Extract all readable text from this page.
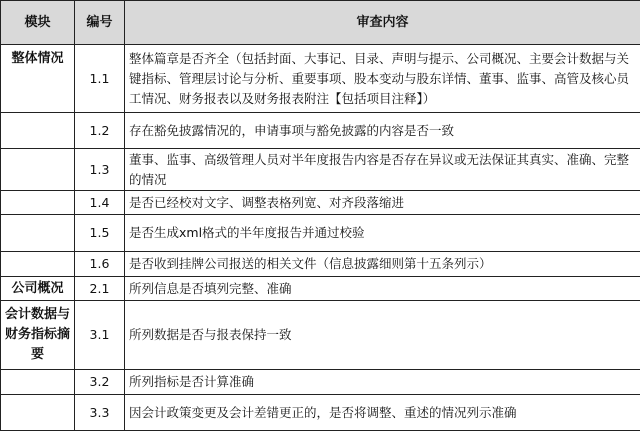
模块	编号	审查内容
整体情况	1.1	整体篇章是否齐全（包括封面、大事记、目录、声明与提示、公司概况、主要会计数据与关键指标、管理层讨论与分析、重要事项、股本变动与股东详情、董事、监事、高管及核心员工情况、财务报表以及财务报表附注【包括项目注释】）
	1.2	存在豁免披露情况的，申请事项与豁免披露的内容是否一致
	1.3	董事、监事、高级管理人员对半年度报告内容是否存在异议或无法保证其真实、准确、完整的情况
	1.4	是否已经校对文字、调整表格列宽、对齐段落缩进
	1.5	是否生成xml格式的半年度报告并通过校验
	1.6	是否收到挂牌公司报送的相关文件（信息披露细则第十五条列示）
公司概况	2.1	所列信息是否填列完整、准确
会计数据与财务指标摘要	3.1	所列数据是否与报表保持一致
	3.2	所列指标是否计算准确
	3.3	因会计政策变更及会计差错更正的，是否将调整、重述的情况列示准确
